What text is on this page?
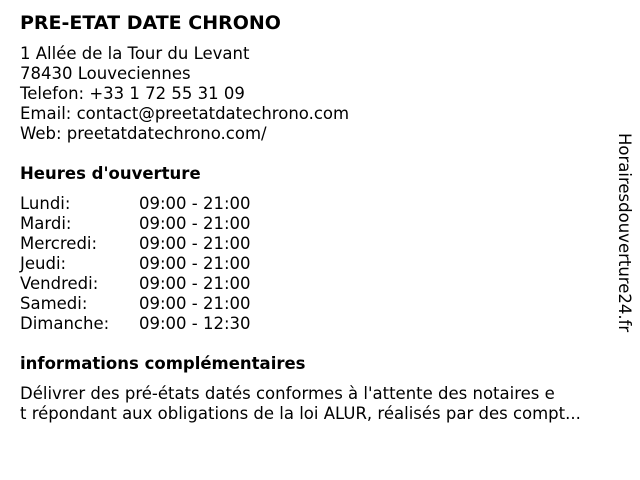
PRE-ETAT DATE CHRONO
1 Allée de la Tour du Levant
78430 Louveciennes
Telefon: +33 1 72 55 31 09
Email: contact@preetatdatechrono.com
Web: preetatdatechrono.com/
Heures d'ouverture
Lundi:	09:00 - 21:00
Mardi:	09:00 - 21:00
Mercredi:	09:00 - 21:00
Jeudi:	09:00 - 21:00
Vendredi:	09:00 - 21:00
Samedi:	09:00 - 21:00
Dimanche:	09:00 - 12:30
informations complémentaires
Délivrer des pré-états datés conformes à l'attente des notaires e
t répondant aux obligations de la loi ALUR, réalisés par des compt...
Horairesdouverture24.fr
